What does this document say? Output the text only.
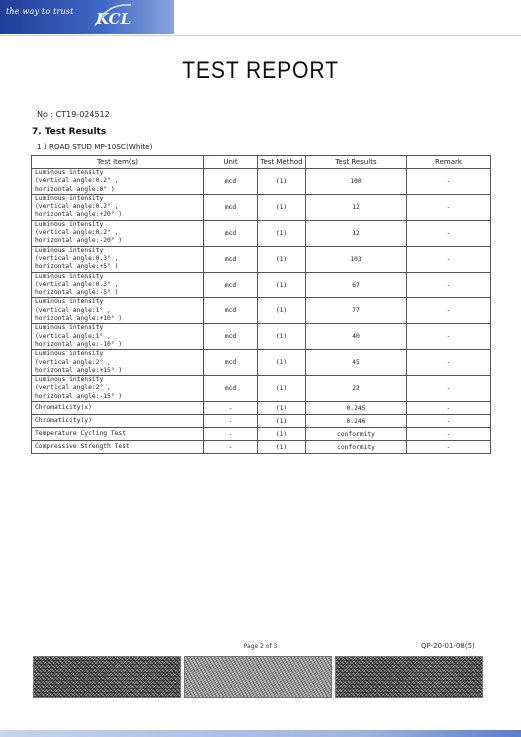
the way to trust KCL
TEST REPORT
No : CT19-024512
7. Test Results
1 ) ROAD STUD MP-10SC(White)
Test Item(s)	Unit	Test Method	Test Results	Remark
Luminous intensity
(vertical angle:0.2° ,
horizontal angle:0° )	mcd	(1)	100	-
Luminous intensity
(vertical angle:0.2° ,
horizontal angle:+20° )	mcd	(1)	12	-
Luminous intensity
(vertical angle:0.2° ,
horizontal angle:-20° )	mcd	(1)	12	-
Luminous intensity
(vertical angle:0.3° ,
horizontal angle:+5° )	mcd	(1)	103	-
Luminous intensity
(vertical angle:0.3° ,
horizontal angle:-5° )	mcd	(1)	67	-
Luminous intensity
(vertical angle:1° ,
horizontal angle:+10° )	mcd	(1)	77	-
Luminous intensity
(vertical angle:1° ,
horizontal angle:-10° )	mcd	(1)	40	-
Luminous intensity
(vertical angle:2° ,
horizontal angle:+15° )	mcd	(1)	45	-
Luminous intensity
(vertical angle:2° ,
horizontal angle:-15° )	mcd	(1)	22	-
Chromaticity(x)	-	(1)	0.245	-
Chromaticity(y)	-	(1)	0.246	-
Temperature Cycling Test	-	(1)	conformity	-
Compressive Strength Test	-	(1)	conformity	-
Page 2 of 3	QP-20-01-08(5)
